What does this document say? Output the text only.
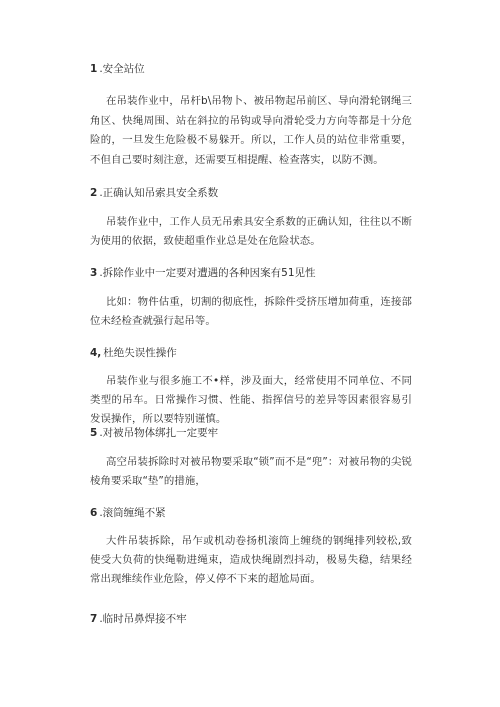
1 .安全站位
在吊装作业中，吊杆b\吊物卜、被吊物起吊前区、导向滑轮钢绳三角区、快绳周围、站在斜拉的吊钩或导向滑轮受力方向等都是十分危险的，一旦发生危险极不易躲开。所以，工作人员的站位非常重要，不但自己要时刻注意，还需要互相提醒、检查落实，以防不测。
2 .正确认知吊索具安全系数
吊装作业中，工作人员无吊索具安全系数的正确认知，往往以不断为使用的依据，致使超重作业总是处在危险状态。
3 .拆除作业中一定要对遭遇的各种因案有51见性
比如：物件估重，切割的彻底性，拆除件受挤压增加荷重，连接部位未经检查就强行起吊等。
4, 杜绝失误性操作
吊装作业与很多施工不•样，涉及面大，经常使用不同单位、不同类型的吊车。日常操作习惯、性能、指挥信号的差异等因素很容易引发误操作，所以要特别谨慎。
5 .对被吊物体绑扎一定要牢
高空吊装拆除时对被吊物要采取“锁”而不是“兜”：对被吊物的尖锐棱角要采取“垫”的措施，
6 .滚筒缠绳不紧
大件吊装拆除，吊乍或机动卷扬机滚筒上缠绕的钢绳排列较松,致使受大负荷的快绳勒进绳束，造成快绳剧烈抖动，极易失稳，结果经常出现维续作业危险，停乂停不下来的超尬局面。
7 .临时吊鼻焊接不牢
